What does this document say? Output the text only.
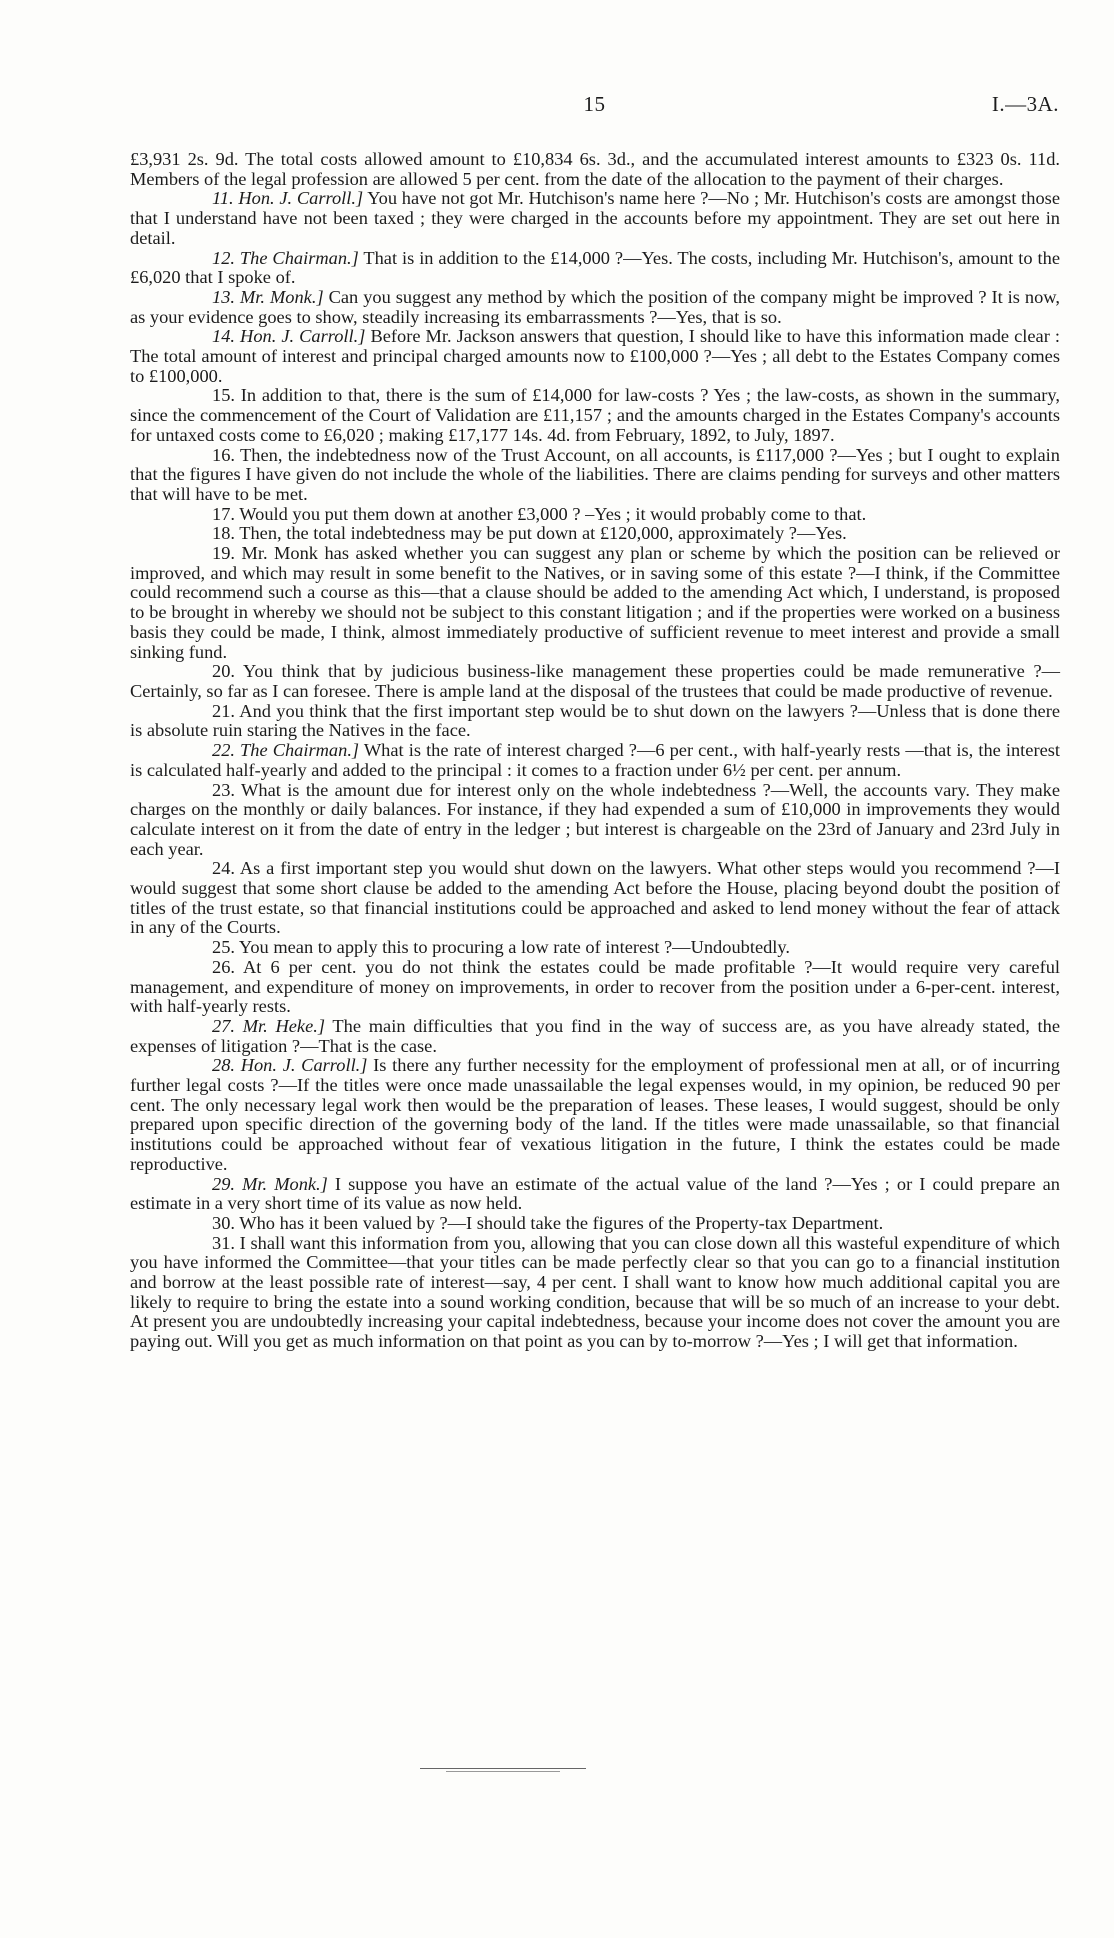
15	I.—3A.

£3,931 2s. 9d. The total costs allowed amount to £10,834 6s. 3d., and the accumulated interest amounts to £323 0s. 11d. Members of the legal profession are allowed 5 per cent. from the date of the allocation to the payment of their charges.

11. Hon. J. Carroll.] You have not got Mr. Hutchison's name here ?—No ; Mr. Hutchison's costs are amongst those that I understand have not been taxed ; they were charged in the accounts before my appointment. They are set out here in detail.

12. The Chairman.] That is in addition to the £14,000 ?—Yes. The costs, including Mr. Hutchison's, amount to the £6,020 that I spoke of.

13. Mr. Monk.] Can you suggest any method by which the position of the company might be improved ? It is now, as your evidence goes to show, steadily increasing its embarrassments ?—Yes, that is so.

14. Hon. J. Carroll.] Before Mr. Jackson answers that question, I should like to have this information made clear : The total amount of interest and principal charged amounts now to £100,000 ?—Yes ; all debt to the Estates Company comes to £100,000.

15. In addition to that, there is the sum of £14,000 for law-costs ? Yes ; the law-costs, as shown in the summary, since the commencement of the Court of Validation are £11,157 ; and the amounts charged in the Estates Company's accounts for untaxed costs come to £6,020 ; making £17,177 14s. 4d. from February, 1892, to July, 1897.

16. Then, the indebtedness now of the Trust Account, on all accounts, is £117,000 ?—Yes ; but I ought to explain that the figures I have given do not include the whole of the liabilities. There are claims pending for surveys and other matters that will have to be met.

17. Would you put them down at another £3,000 ? –Yes ; it would probably come to that.

18. Then, the total indebtedness may be put down at £120,000, approximately ?—Yes.

19. Mr. Monk has asked whether you can suggest any plan or scheme by which the position can be relieved or improved, and which may result in some benefit to the Natives, or in saving some of this estate ?—I think, if the Committee could recommend such a course as this—that a clause should be added to the amending Act which, I understand, is proposed to be brought in whereby we should not be subject to this constant litigation ; and if the properties were worked on a business basis they could be made, I think, almost immediately productive of sufficient revenue to meet interest and provide a small sinking fund.

20. You think that by judicious business-like management these properties could be made remunerative ?—Certainly, so far as I can foresee. There is ample land at the disposal of the trustees that could be made productive of revenue.

21. And you think that the first important step would be to shut down on the lawyers ?—Unless that is done there is absolute ruin staring the Natives in the face.

22. The Chairman.] What is the rate of interest charged ?—6 per cent., with half-yearly rests —that is, the interest is calculated half-yearly and added to the principal : it comes to a fraction under 6½ per cent. per annum.

23. What is the amount due for interest only on the whole indebtedness ?—Well, the accounts vary. They make charges on the monthly or daily balances. For instance, if they had expended a sum of £10,000 in improvements they would calculate interest on it from the date of entry in the ledger ; but interest is chargeable on the 23rd of January and 23rd July in each year.

24. As a first important step you would shut down on the lawyers. What other steps would you recommend ?—I would suggest that some short clause be added to the amending Act before the House, placing beyond doubt the position of titles of the trust estate, so that financial institutions could be approached and asked to lend money without the fear of attack in any of the Courts.

25. You mean to apply this to procuring a low rate of interest ?—Undoubtedly.

26. At 6 per cent. you do not think the estates could be made profitable ?—It would require very careful management, and expenditure of money on improvements, in order to recover from the position under a 6-per-cent. interest, with half-yearly rests.

27. Mr. Heke.] The main difficulties that you find in the way of success are, as you have already stated, the expenses of litigation ?—That is the case.

28. Hon. J. Carroll.] Is there any further necessity for the employment of professional men at all, or of incurring further legal costs ?—If the titles were once made unassailable the legal expenses would, in my opinion, be reduced 90 per cent. The only necessary legal work then would be the preparation of leases. These leases, I would suggest, should be only prepared upon specific direction of the governing body of the land. If the titles were made unassailable, so that financial institutions could be approached without fear of vexatious litigation in the future, I think the estates could be made reproductive.

29. Mr. Monk.] I suppose you have an estimate of the actual value of the land ?—Yes ; or I could prepare an estimate in a very short time of its value as now held.

30. Who has it been valued by ?—I should take the figures of the Property-tax Department.

31. I shall want this information from you, allowing that you can close down all this wasteful expenditure of which you have informed the Committee—that your titles can be made perfectly clear so that you can go to a financial institution and borrow at the least possible rate of interest—say, 4 per cent. I shall want to know how much additional capital you are likely to require to bring the estate into a sound working condition, because that will be so much of an increase to your debt. At present you are undoubtedly increasing your capital indebtedness, because your income does not cover the amount you are paying out. Will you get as much information on that point as you can by to-morrow ?—Yes ; I will get that information.
